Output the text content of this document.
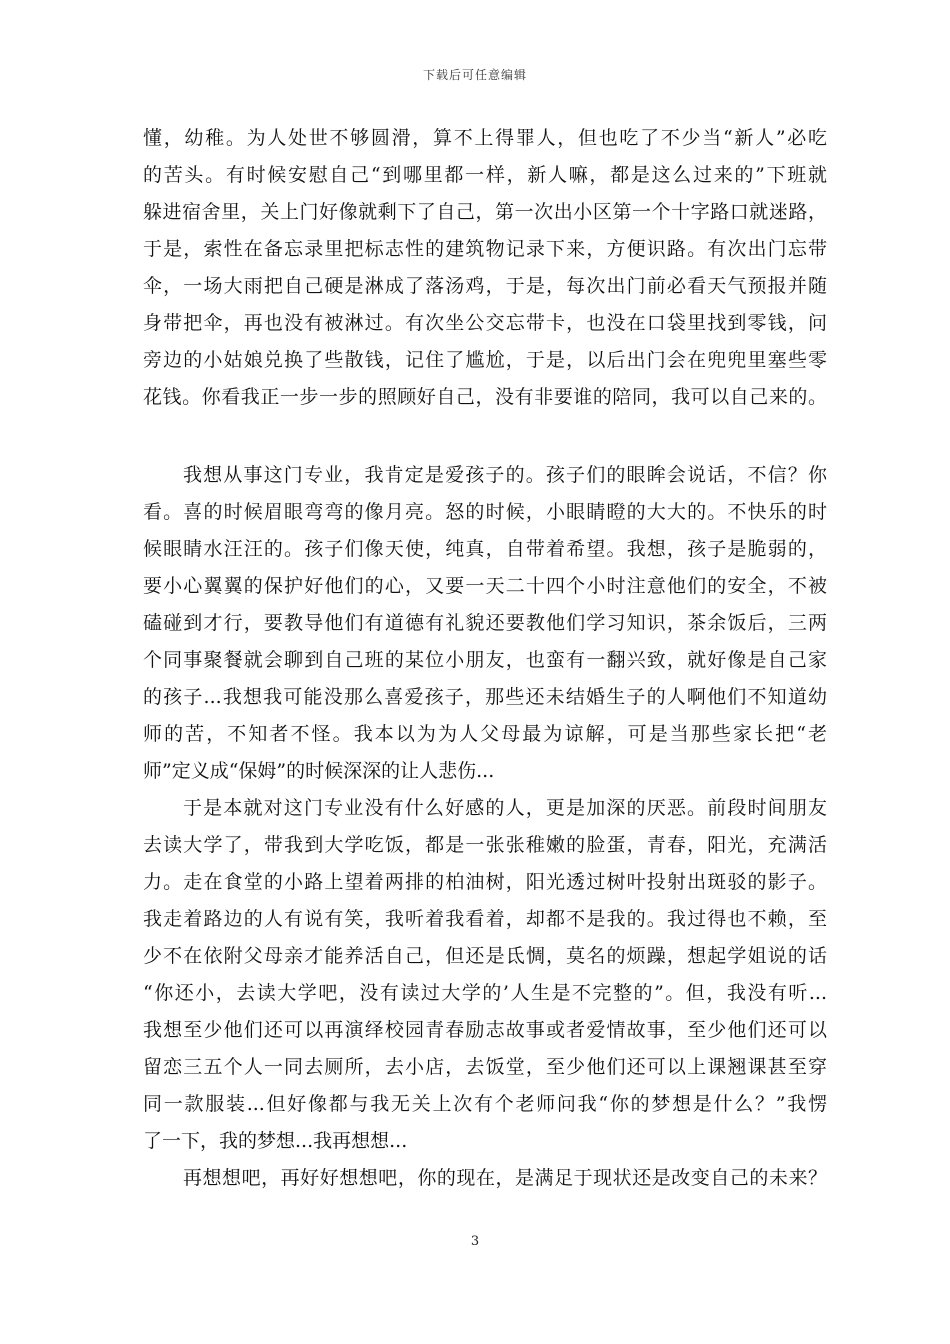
下载后可任意编辑
懂，幼稚。为人处世不够圆滑，算不上得罪人，但也吃了不少当“新人”必吃
的苦头。有时候安慰自己“到哪里都一样，新人嘛，都是这么过来的”下班就
躲进宿舍里，关上门好像就剩下了自己，第一次出小区第一个十字路口就迷路，
于是，索性在备忘录里把标志性的建筑物记录下来，方便识路。有次出门忘带
伞，一场大雨把自己硬是淋成了落汤鸡，于是，每次出门前必看天气预报并随
身带把伞，再也没有被淋过。有次坐公交忘带卡，也没在口袋里找到零钱，问
旁边的小姑娘兑换了些散钱，记住了尴尬，于是，以后出门会在兜兜里塞些零
花钱。你看我正一步一步的照顾好自己，没有非要谁的陪同，我可以自己来的。
我想从事这门专业，我肯定是爱孩子的。孩子们的眼眸会说话，不信？你
看。喜的时候眉眼弯弯的像月亮。怒的时候，小眼睛瞪的大大的。不快乐的时
候眼睛水汪汪的。孩子们像天使，纯真，自带着希望。我想，孩子是脆弱的，
要小心翼翼的保护好他们的心，又要一天二十四个小时注意他们的安全，不被
磕碰到才行，要教导他们有道德有礼貌还要教他们学习知识，茶余饭后，三两
个同事聚餐就会聊到自己班的某位小朋友，也蛮有一翻兴致，就好像是自己家
的孩子...我想我可能没那么喜爱孩子，那些还未结婚生子的人啊他们不知道幼
师的苦，不知者不怪。我本以为为人父母最为谅解，可是当那些家长把“老
师”定义成“保姆”的时候深深的让人悲伤...
于是本就对这门专业没有什么好感的人，更是加深的厌恶。前段时间朋友
去读大学了，带我到大学吃饭，都是一张张稚嫩的脸蛋，青春，阳光，充满活
力。走在食堂的小路上望着两排的柏油树，阳光透过树叶投射出斑驳的影子。
我走着路边的人有说有笑，我听着我看着，却都不是我的。我过得也不赖，至
少不在依附父母亲才能养活自己，但还是氐惆，莫名的烦躁，想起学姐说的话
“你还小，去读大学吧，没有读过大学的’人生是不完整的”。但，我没有听...
我想至少他们还可以再演绎校园青春励志故事或者爱情故事，至少他们还可以
留恋三五个人一同去厕所，去小店，去饭堂，至少他们还可以上课翘课甚至穿
同一款服装...但好像都与我无关上次有个老师问我“你的梦想是什么？”我愣
了一下，我的梦想...我再想想...
再想想吧，再好好想想吧，你的现在，是满足于现状还是改变自己的未来？
3
